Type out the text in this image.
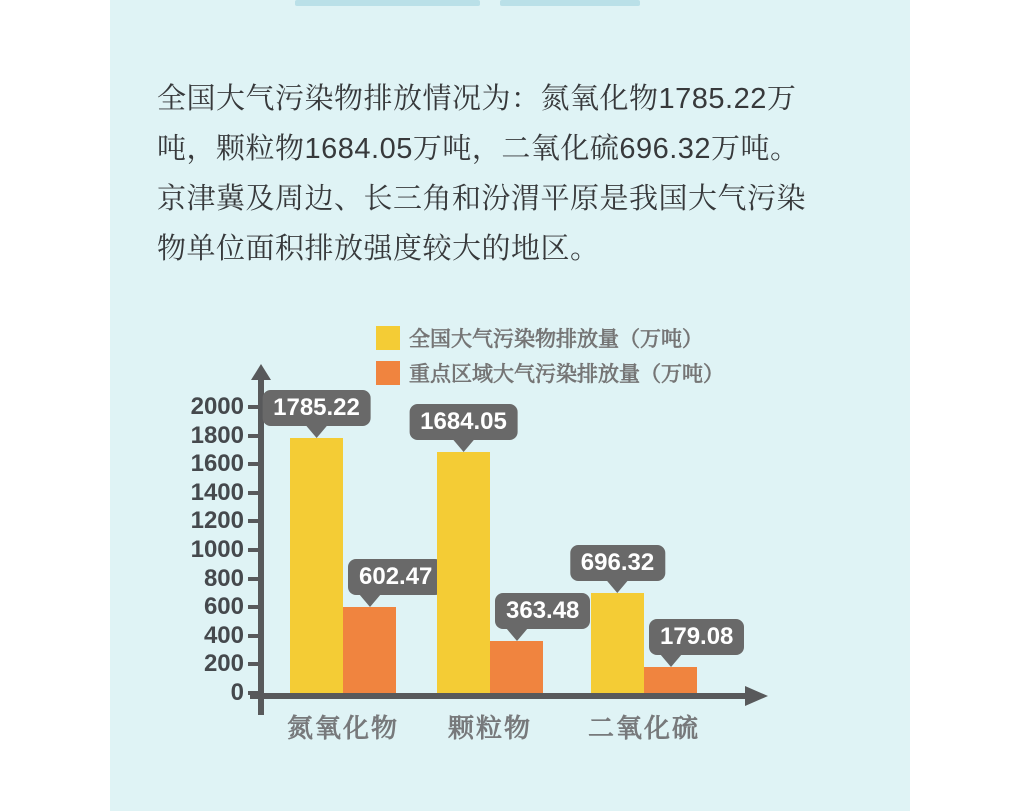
全国大气污染物排放情况为：氮氧化物1785.22万
吨，颗粒物1684.05万吨，二氧化硫696.32万吨。
京津冀及周边、长三角和汾渭平原是我国大气污染
物单位面积排放强度较大的地区。
全国大气污染物排放量（万吨）
重点区域大气污染排放量（万吨）
0
200
400
600
800
1000
1200
1400
1600
1800
2000	1785.22
602.47
氮氧化物
1684.05
363.48
颗粒物
696.32
179.08
二氧化硫
